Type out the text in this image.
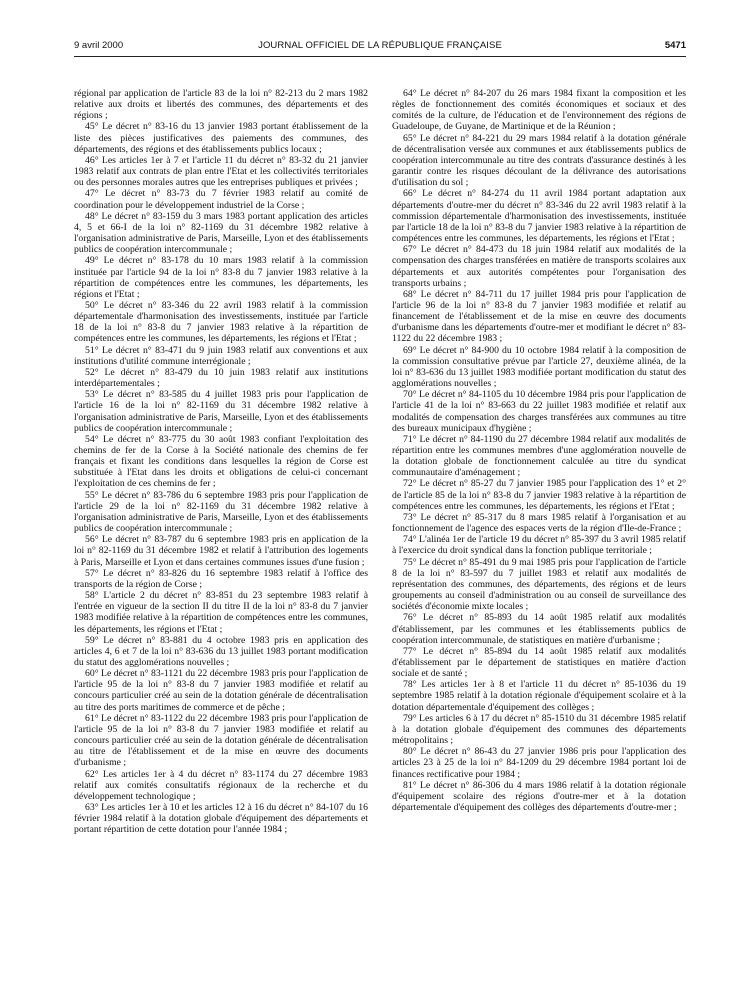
9 avril 2000	JOURNAL OFFICIEL DE LA RÉPUBLIQUE FRANÇAISE	5471

régional par application de l'article 83 de la loi n° 82-213 du 2 mars 1982 relative aux droits et libertés des communes, des départements et des régions ;

45° Le décret n° 83-16 du 13 janvier 1983 portant établissement de la liste des pièces justificatives des paiements des communes, des départements, des régions et des établissements publics locaux ;

46° Les articles 1er à 7 et l'article 11 du décret n° 83-32 du 21 janvier 1983 relatif aux contrats de plan entre l'Etat et les collectivités territoriales ou des personnes morales autres que les entreprises publiques et privées ;

47° Le décret n° 83-73 du 7 février 1983 relatif au comité de coordination pour le développement industriel de la Corse ;

48° Le décret n° 83-159 du 3 mars 1983 portant application des articles 4, 5 et 66-I de la loi n° 82-1169 du 31 décembre 1982 relative à l'organisation administrative de Paris, Marseille, Lyon et des établissements publics de coopération intercommunale ;

49° Le décret n° 83-178 du 10 mars 1983 relatif à la commission instituée par l'article 94 de la loi n° 83-8 du 7 janvier 1983 relative à la répartition de compétences entre les communes, les départements, les régions et l'Etat ;

50° Le décret n° 83-346 du 22 avril 1983 relatif à la commission départementale d'harmonisation des investissements, instituée par l'article 18 de la loi n° 83-8 du 7 janvier 1983 relative à la répartition de compétences entre les communes, les départements, les régions et l'Etat ;

51° Le décret n° 83-471 du 9 juin 1983 relatif aux conventions et aux institutions d'utilité commune interrégionale ;

52° Le décret n° 83-479 du 10 juin 1983 relatif aux institutions interdépartementales ;

53° Le décret n° 83-585 du 4 juillet 1983 pris pour l'application de l'article 16 de la loi n° 82-1169 du 31 décembre 1982 relative à l'organisation administrative de Paris, Marseille, Lyon et des établissements publics de coopération intercommunale ;

54° Le décret n° 83-775 du 30 août 1983 confiant l'exploitation des chemins de fer de la Corse à la Société nationale des chemins de fer français et fixant les conditions dans lesquelles la région de Corse est substituée à l'Etat dans les droits et obligations de celui-ci concernant l'exploitation de ces chemins de fer ;

55° Le décret n° 83-786 du 6 septembre 1983 pris pour l'application de l'article 29 de la loi n° 82-1169 du 31 décembre 1982 relative à l'organisation administrative de Paris, Marseille, Lyon et des établissements publics de coopération intercommunale ;

56° Le décret n° 83-787 du 6 septembre 1983 pris en application de la loi n° 82-1169 du 31 décembre 1982 et relatif à l'attribution des logements à Paris, Marseille et Lyon et dans certaines communes issues d'une fusion ;

57° Le décret n° 83-826 du 16 septembre 1983 relatif à l'office des transports de la région de Corse ;

58° L'article 2 du décret n° 83-851 du 23 septembre 1983 relatif à l'entrée en vigueur de la section II du titre II de la loi n° 83-8 du 7 janvier 1983 modifiée relative à la répartition de compétences entre les communes, les départements, les régions et l'Etat ;

59° Le décret n° 83-881 du 4 octobre 1983 pris en application des articles 4, 6 et 7 de la loi n° 83-636 du 13 juillet 1983 portant modification du statut des agglomérations nouvelles ;

60° Le décret n° 83-1121 du 22 décembre 1983 pris pour l'application de l'article 95 de la loi n° 83-8 du 7 janvier 1983 modifiée et relatif au concours particulier créé au sein de la dotation générale de décentralisation au titre des ports maritimes de commerce et de pêche ;

61° Le décret n° 83-1122 du 22 décembre 1983 pris pour l'application de l'article 95 de la loi n° 83-8 du 7 janvier 1983 modifiée et relatif au concours particulier créé au sein de la dotation générale de décentralisation au titre de l'établissement et de la mise en œuvre des documents d'urbanisme ;

62° Les articles 1er à 4 du décret n° 83-1174 du 27 décembre 1983 relatif aux comités consultatifs régionaux de la recherche et du développement technologique ;

63° Les articles 1er à 10 et les articles 12 à 16 du décret n° 84-107 du 16 février 1984 relatif à la dotation globale d'équipement des départements et portant répartition de cette dotation pour l'année 1984 ;

64° Le décret n° 84-207 du 26 mars 1984 fixant la composition et les règles de fonctionnement des comités économiques et sociaux et des comités de la culture, de l'éducation et de l'environnement des régions de Guadeloupe, de Guyane, de Martinique et de la Réunion ;

65° Le décret n° 84-221 du 29 mars 1984 relatif à la dotation générale de décentralisation versée aux communes et aux établissements publics de coopération intercommunale au titre des contrats d'assurance destinés à les garantir contre les risques découlant de la délivrance des autorisations d'utilisation du sol ;

66° Le décret n° 84-274 du 11 avril 1984 portant adaptation aux départements d'outre-mer du décret n° 83-346 du 22 avril 1983 relatif à la commission départementale d'harmonisation des investissements, instituée par l'article 18 de la loi n° 83-8 du 7 janvier 1983 relative à la répartition de compétences entre les communes, les départements, les régions et l'Etat ;

67° Le décret n° 84-473 du 18 juin 1984 relatif aux modalités de la compensation des charges transférées en matière de transports scolaires aux départements et aux autorités compétentes pour l'organisation des transports urbains ;

68° Le décret n° 84-711 du 17 juillet 1984 pris pour l'application de l'article 96 de la loi n° 83-8 du 7 janvier 1983 modifiée et relatif au financement de l'établissement et de la mise en œuvre des documents d'urbanisme dans les départements d'outre-mer et modifiant le décret n° 83-1122 du 22 décembre 1983 ;

69° Le décret n° 84-900 du 10 octobre 1984 relatif à la composition de la commission consultative prévue par l'article 27, deuxième alinéa, de la loi n° 83-636 du 13 juillet 1983 modifiée portant modification du statut des agglomérations nouvelles ;

70° Le décret n° 84-1105 du 10 décembre 1984 pris pour l'application de l'article 41 de la loi n° 83-663 du 22 juillet 1983 modifiée et relatif aux modalités de compensation des charges transférées aux communes au titre des bureaux municipaux d'hygiène ;

71° Le décret n° 84-1190 du 27 décembre 1984 relatif aux modalités de répartition entre les communes membres d'une agglomération nouvelle de la dotation globale de fonctionnement calculée au titre du syndicat communautaire d'aménagement ;

72° Le décret n° 85-27 du 7 janvier 1985 pour l'application des 1° et 2° de l'article 85 de la loi n° 83-8 du 7 janvier 1983 relative à la répartition de compétences entre les communes, les départements, les régions et l'Etat ;

73° Le décret n° 85-317 du 8 mars 1985 relatif à l'organisation et au fonctionnement de l'agence des espaces verts de la région d'Ile-de-France ;

74° L'alinéa 1er de l'article 19 du décret n° 85-397 du 3 avril 1985 relatif à l'exercice du droit syndical dans la fonction publique territoriale ;

75° Le décret n° 85-491 du 9 mai 1985 pris pour l'application de l'article 8 de la loi n° 83-597 du 7 juillet 1983 et relatif aux modalités de représentation des communes, des départements, des régions et de leurs groupements au conseil d'administration ou au conseil de surveillance des sociétés d'économie mixte locales ;

76° Le décret n° 85-893 du 14 août 1985 relatif aux modalités d'établissement, par les communes et les établissements publics de coopération intercommunale, de statistiques en matière d'urbanisme ;

77° Le décret n° 85-894 du 14 août 1985 relatif aux modalités d'établissement par le département de statistiques en matière d'action sociale et de santé ;

78° Les articles 1er à 8 et l'article 11 du décret n° 85-1036 du 19 septembre 1985 relatif à la dotation régionale d'équipement scolaire et à la dotation départementale d'équipement des collèges ;

79° Les articles 6 à 17 du décret n° 85-1510 du 31 décembre 1985 relatif à la dotation globale d'équipement des communes des départements métropolitains ;

80° Le décret n° 86-43 du 27 janvier 1986 pris pour l'application des articles 23 à 25 de la loi n° 84-1209 du 29 décembre 1984 portant loi de finances rectificative pour 1984 ;

81° Le décret n° 86-306 du 4 mars 1986 relatif à la dotation régionale d'équipement scolaire des régions d'outre-mer et à la dotation départementale d'équipement des collèges des départements d'outre-mer ;
